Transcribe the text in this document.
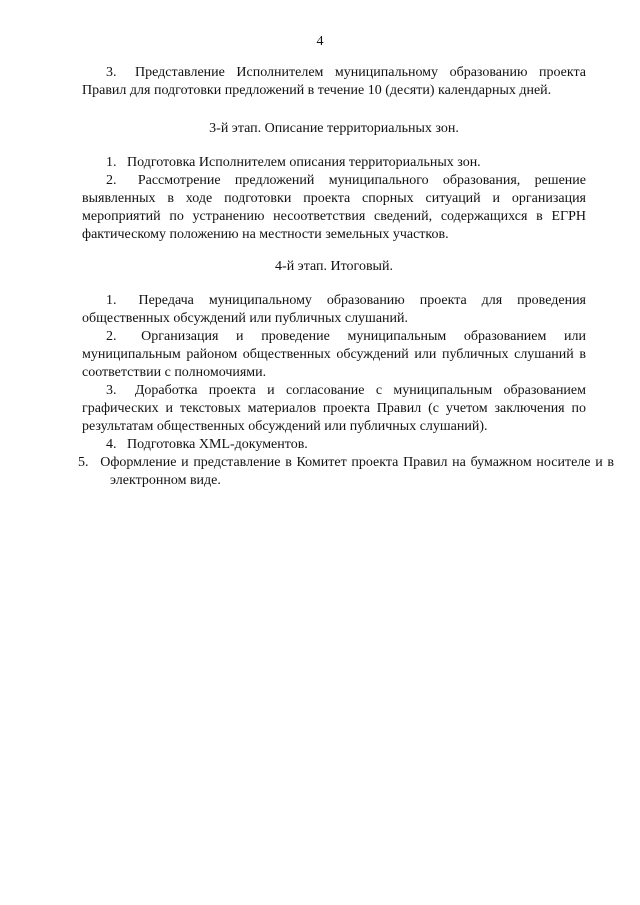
4
3.   Представление Исполнителем муниципальному образованию проекта Правил для подготовки предложений в течение 10 (десяти) календарных дней.
3-й этап. Описание территориальных зон.
1.   Подготовка Исполнителем описания территориальных зон.
2.   Рассмотрение предложений муниципального образования, решение выявленных в ходе подготовки проекта спорных ситуаций и организация мероприятий по устранению несоответствия сведений, содержащихся в ЕГРН фактическому положению на местности земельных участков.
4-й этап. Итоговый.
1.   Передача муниципальному образованию проекта для проведения общественных обсуждений или публичных слушаний.
2.   Организация и проведение муниципальным образованием или муниципальным районом общественных обсуждений или публичных слушаний в соответствии с полномочиями.
3.   Доработка проекта и согласование с муниципальным образованием графических и текстовых материалов проекта Правил (с учетом заключения по результатам общественных обсуждений или публичных слушаний).
4.   Подготовка XML-документов.
5.   Оформление и представление в Комитет проекта Правил на бумажном носителе и в электронном виде.
